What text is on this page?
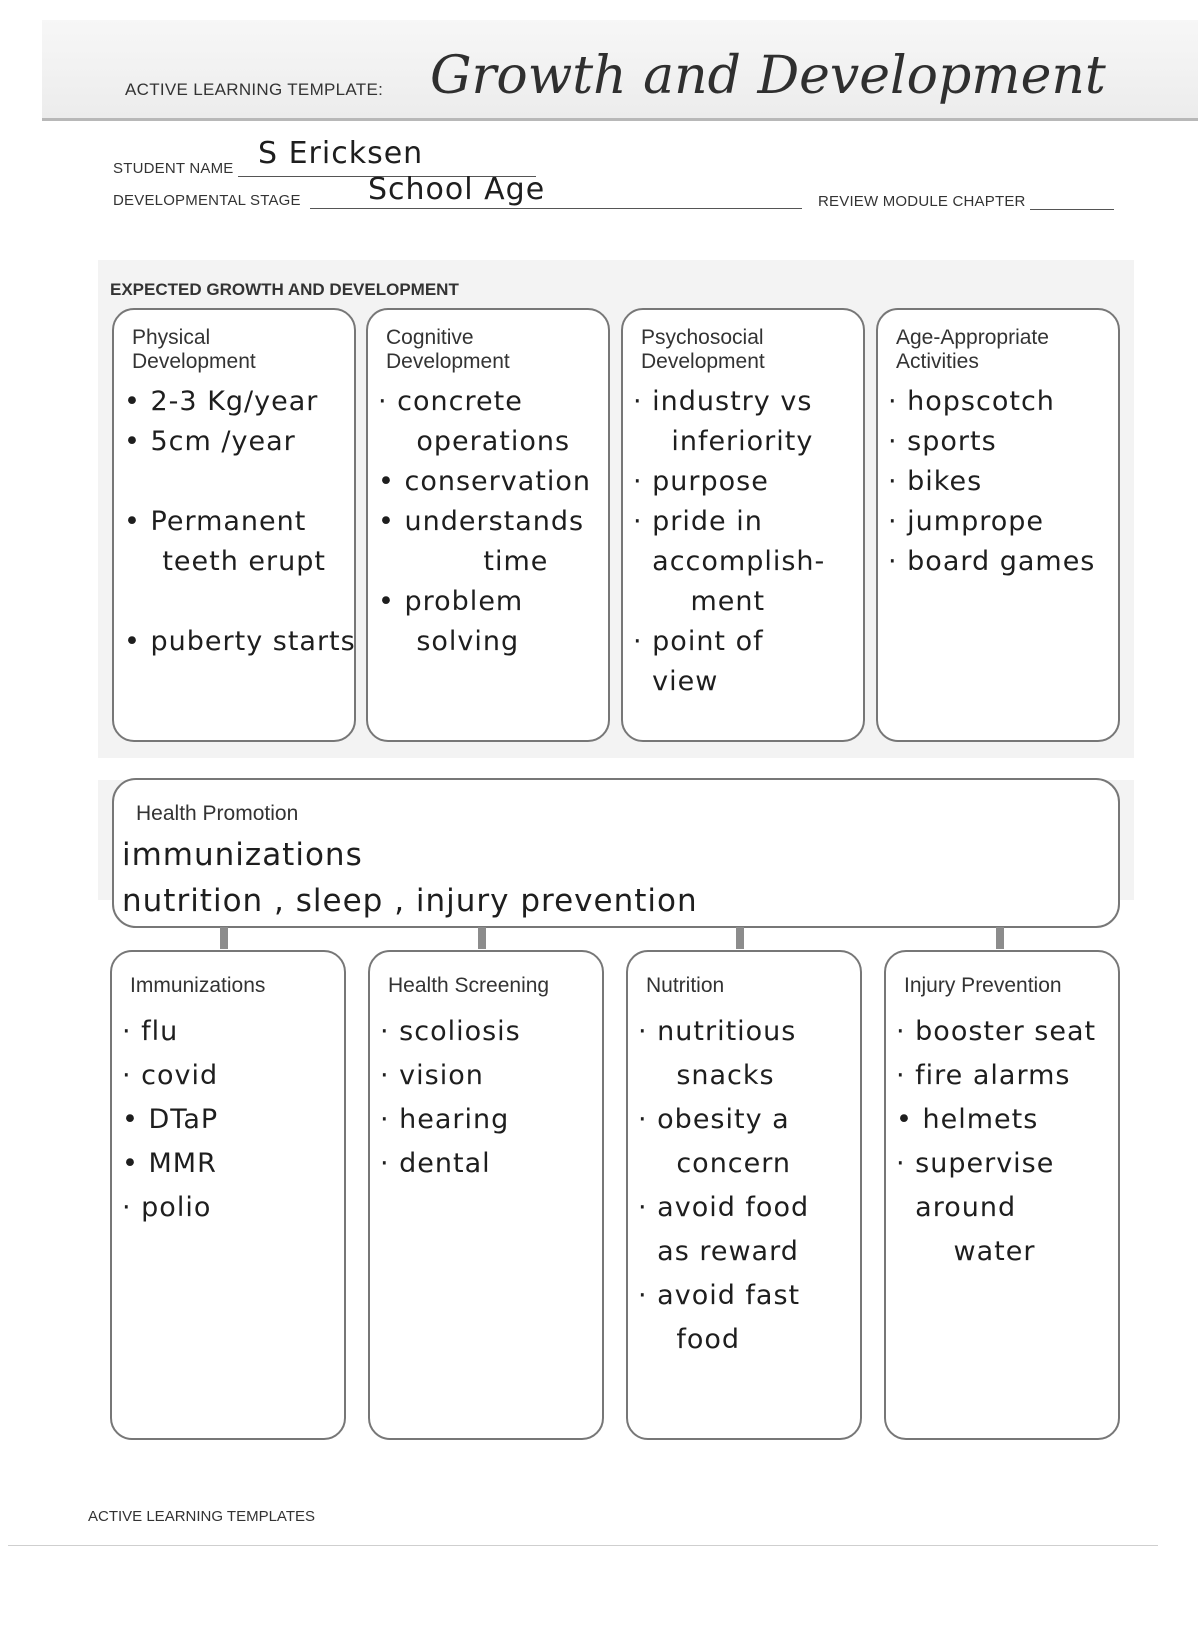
ACTIVE LEARNING TEMPLATE: Growth and Development
STUDENT NAME S Ericksen
DEVELOPMENTAL STAGE School Age	REVIEW MODULE CHAPTER
EXPECTED GROWTH AND DEVELOPMENT
Physical
Development
• 2-3 Kg/year
• 5cm /year

• Permanent
teeth erupt

• puberty starts
Cognitive
Development
· concrete
operations
• conservation
• understands
time
• problem
solving
Psychosocial
Development
· industry vs
inferiority
· purpose
· pride in
accomplish-
ment
· point of
view
Age-Appropriate
Activities
· hopscotch
· sports
· bikes
· jumprope
· board games
Health Promotion
immunizations
nutrition , sleep , injury prevention
Immunizations
· flu
· covid
• DTaP
• MMR
· polio
Health Screening
· scoliosis
· vision
· hearing
· dental
Nutrition
· nutritious
snacks
· obesity a
concern
· avoid food
as reward
· avoid fast
food
Injury Prevention
· booster seat
· fire alarms
• helmets
· supervise
around
water
ACTIVE LEARNING TEMPLATES
